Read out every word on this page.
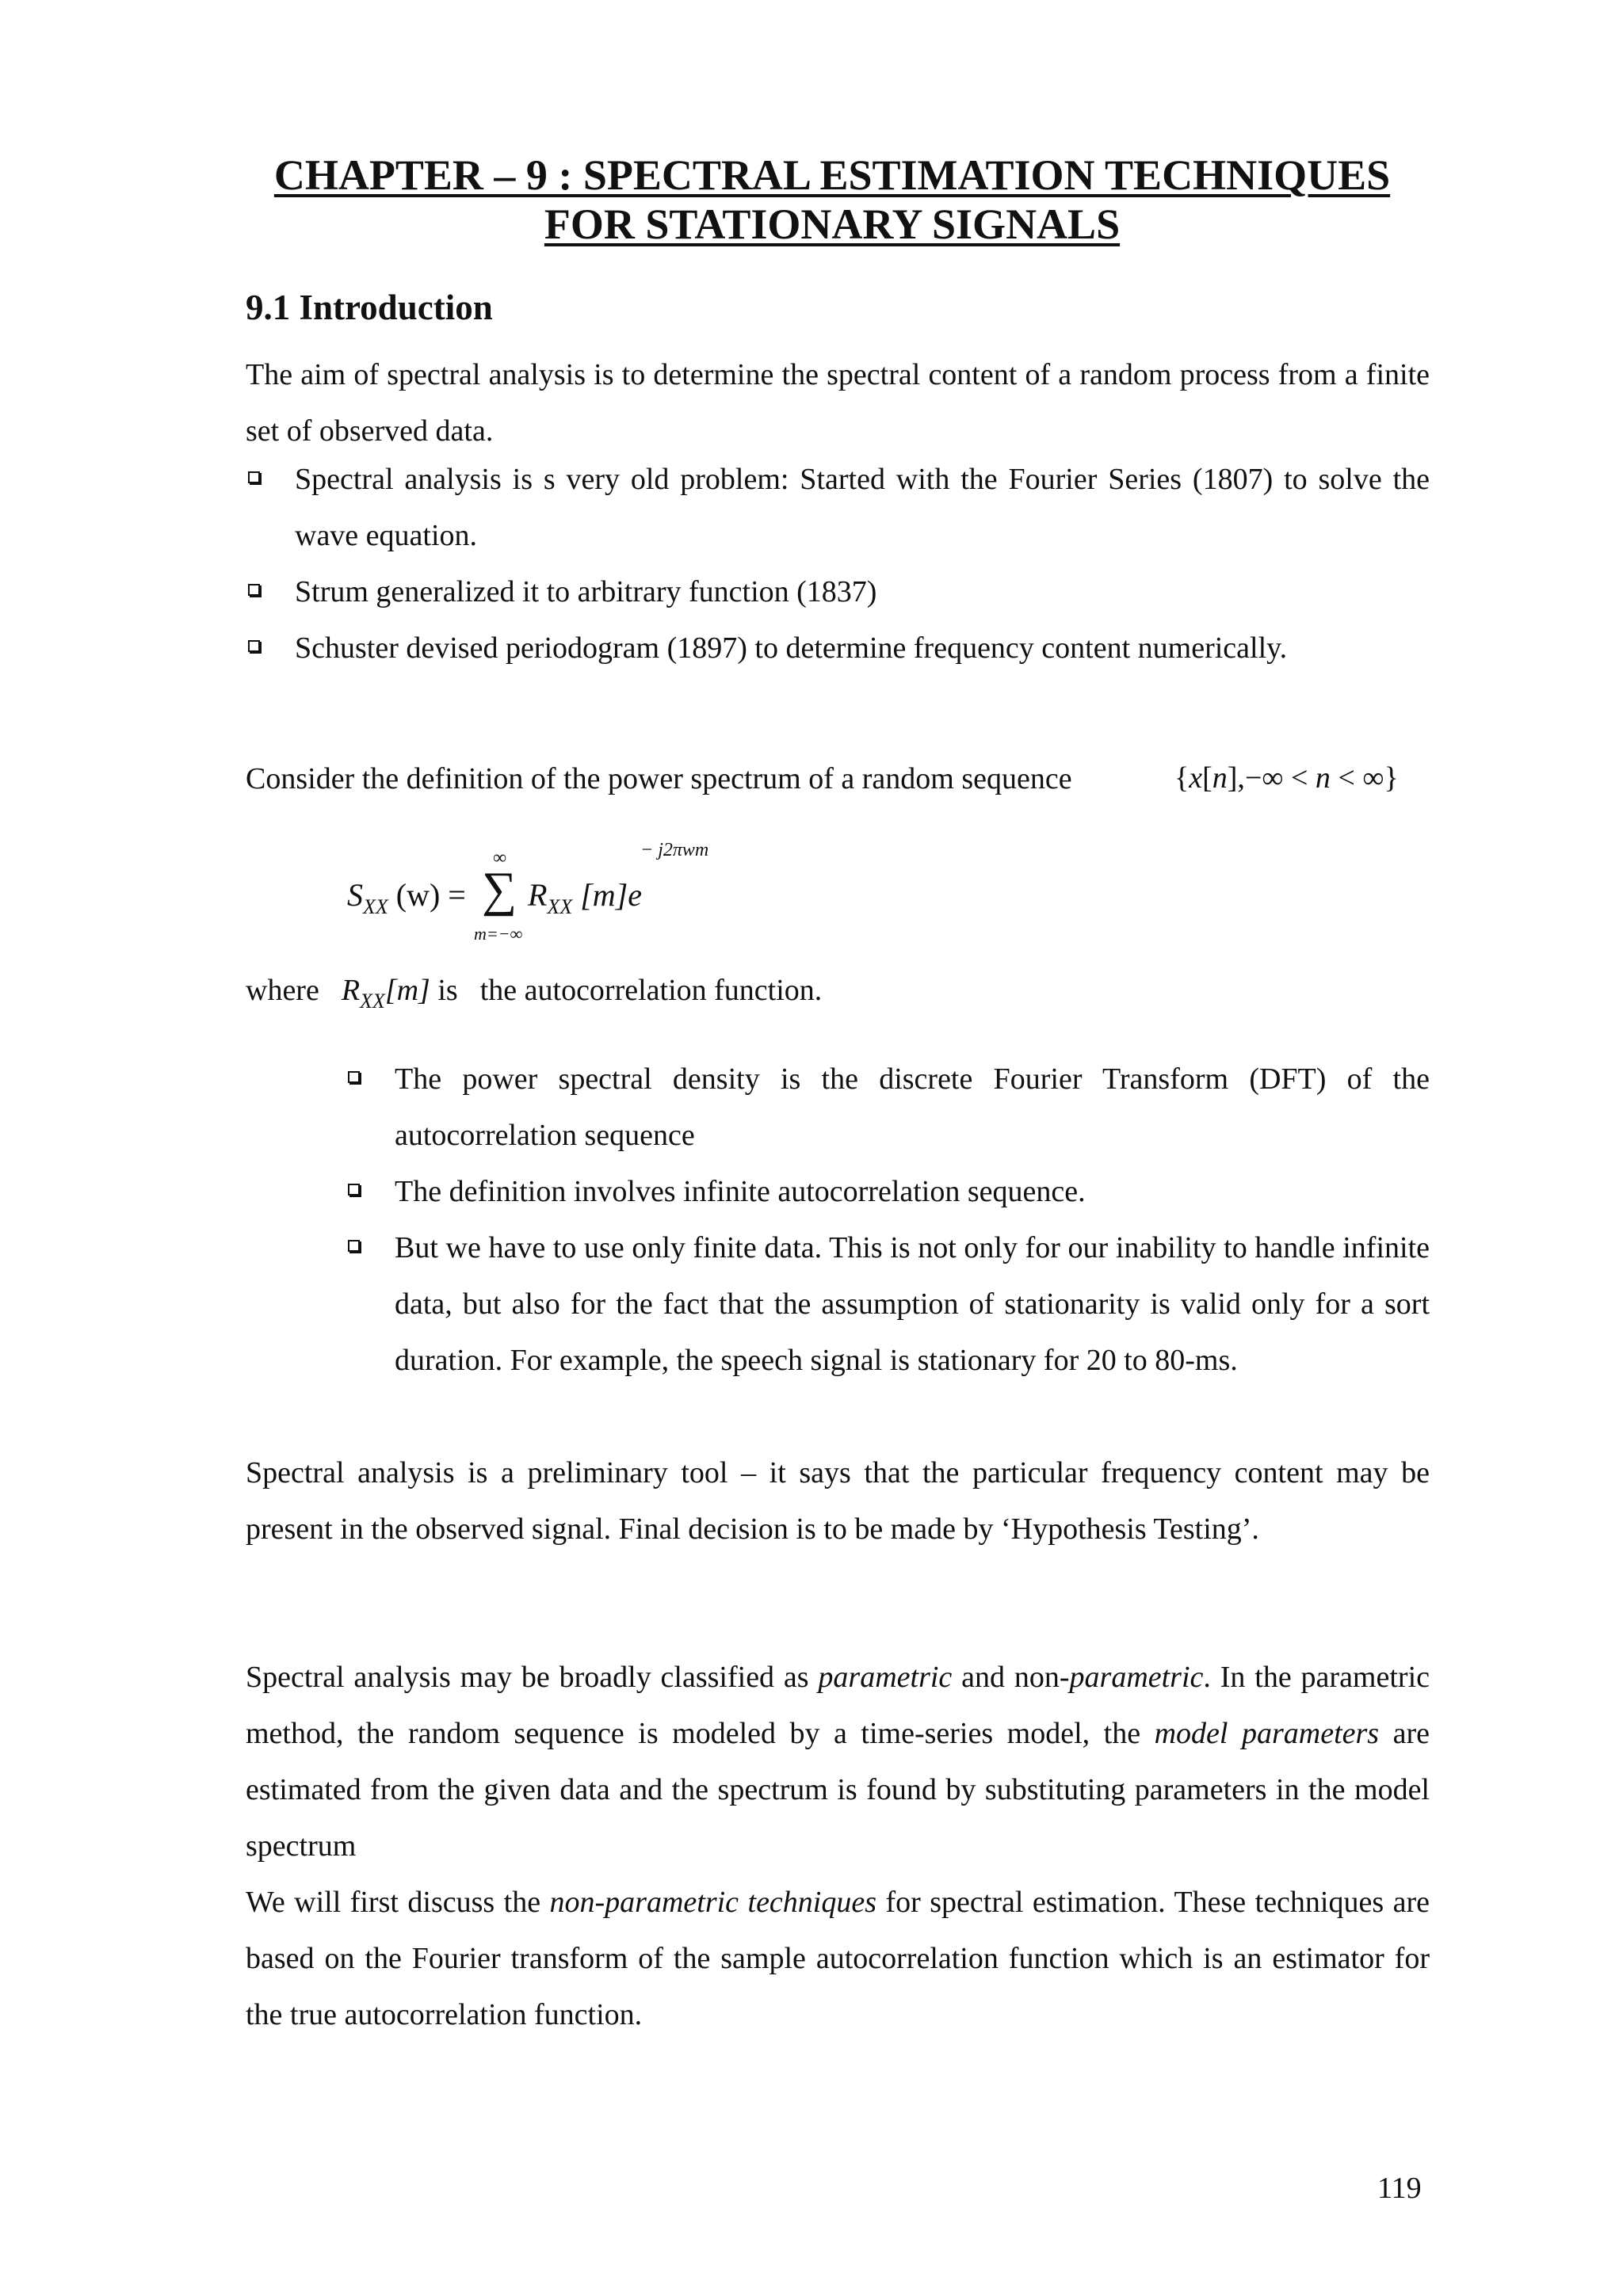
CHAPTER – 9 : SPECTRAL ESTIMATION TECHNIQUES
FOR STATIONARY SIGNALS
9.1 Introduction

The aim of spectral analysis is to determine the spectral content of a random process from a finite set of observed data.

Spectral analysis is s very old problem: Started with the Fourier Series (1807) to solve the wave equation.
Strum generalized it to arbitrary function (1837)
Schuster devised periodogram (1897) to determine frequency content numerically.

Consider the definition of the power spectrum of a random sequence	{x[n],−∞ < n < ∞}
$S_{XX}$ (w) =
∞
∑
m=−∞
$R_{XX}$ [m]e
− j2πwm
where $R_{XX}[m]$ is the autocorrelation function.
The power spectral density is the discrete Fourier Transform (DFT) of the autocorrelation sequence
The definition involves infinite autocorrelation sequence.
But we have to use only finite data. This is not only for our inability to handle infinite data, but also for the fact that the assumption of stationarity is valid only for a sort duration. For example, the speech signal is stationary for 20 to 80-ms.

Spectral analysis is a preliminary tool – it says that the particular frequency content may be present in the observed signal. Final decision is to be made by ‘Hypothesis Testing’.

Spectral analysis may be broadly classified as parametric and non-parametric. In the parametric method, the random sequence is modeled by a time-series model, the model parameters are estimated from the given data and the spectrum is found by substituting parameters in the model spectrum

We will first discuss the non-parametric techniques for spectral estimation. These techniques are based on the Fourier transform of the sample autocorrelation function which is an estimator for the true autocorrelation function.

119
